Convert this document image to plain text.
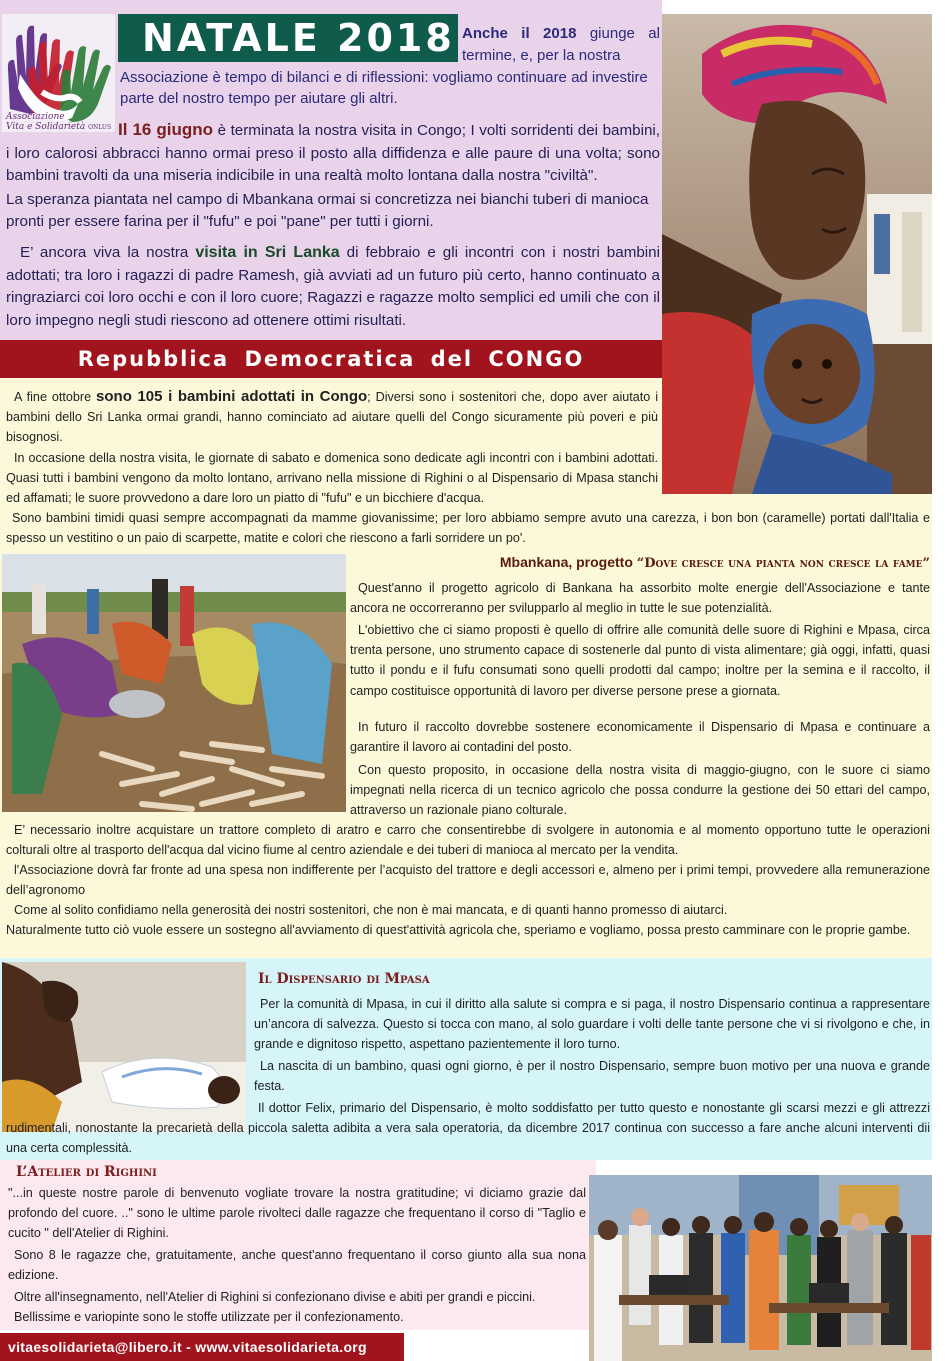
Associazione
Vita e Solidarietà ONLUS
NATALE 2018 Anche il 2018 giunge al termine, e, per la nostra
Associazione è tempo di bilanci e di riflessioni: vogliamo continuare ad investire parte del nostro tempo per aiutare gli altri.
Il 16 giugno è terminata la nostra visita in Congo; I volti sorridenti dei bambini, i loro calorosi abbracci hanno ormai preso il posto alla diffidenza e alle paure di una volta; sono bambini travolti da una miseria indicibile in una realtà molto lontana dalla nostra "civiltà".
La speranza piantata nel campo di Mbankana ormai si concretizza nei bianchi tuberi di manioca pronti per essere farina per il "fufu" e poi "pane" per tutti i giorni.
E’ ancora viva la nostra visita in Sri Lanka di febbraio e gli incontri con i nostri bambini adottati; tra loro i ragazzi di padre Ramesh, già avviati ad un futuro più certo, hanno continuato a ringraziarci coi loro occhi e con il loro cuore; Ragazzi e ragazze molto semplici ed umili che con il loro impegno negli studi riescono ad ottenere ottimi risultati.
Repubblica Democratica del CONGO
A fine ottobre sono 105 i bambini adottati in Congo; Diversi sono i sostenitori che, dopo aver aiutato i bambini dello Sri Lanka ormai grandi, hanno cominciato ad aiutare quelli del Congo sicuramente più poveri e più bisognosi.
In occasione della nostra visita, le giornate di sabato e domenica sono dedicate agli incontri con i bambini adottati. Quasi tutti i bambini vengono da molto lontano, arrivano nella missione di Righini o al Dispensario di Mpasa stanchi ed affamati; le suore provvedono a dare loro un piatto di "fufu" e un bicchiere d'acqua.
Sono bambini timidi quasi sempre accompagnati da mamme giovanissime; per loro abbiamo sempre avuto una carezza, i bon bon (caramelle) portati dall'Italia e spesso un vestitino o un paio di scarpette, matite e colori che riescono a farli sorridere un po'.
Mbankana, progetto “Dove cresce una pianta non cresce la fame”
Quest'anno il progetto agricolo di Bankana ha assorbito molte energie dell'Associazione e tante ancora ne occorreranno per svilupparlo al meglio in tutte le sue potenzialità.
L'obiettivo che ci siamo proposti è quello di offrire alle comunità delle suore di Righini e Mpasa, circa trenta persone, uno strumento capace di sostenerle dal punto di vista alimentare; già oggi, infatti, quasi tutto il pondu e il fufu consumati sono quelli prodotti dal campo; inoltre per la semina e il raccolto, il campo costituisce opportunità di lavoro per diverse persone prese a giornata.
In futuro il raccolto dovrebbe sostenere economicamente il Dispensario di Mpasa e continuare a garantire il lavoro ai contadini del posto.
Con questo proposito, in occasione della nostra visita di maggio-giugno, con le suore ci siamo impegnati nella ricerca di un tecnico agricolo che possa condurre la gestione dei 50 ettari del campo, attraverso un razionale piano colturale.
E’ necessario inoltre acquistare un trattore completo di aratro e carro che consentirebbe di svolgere in autonomia e al momento opportuno tutte le operazioni colturali oltre al trasporto dell'acqua dal vicino fiume al centro aziendale e dei tuberi di manioca al mercato per la vendita.
l'Associazione dovrà far fronte ad una spesa non indifferente per l’acquisto del trattore e degli accessori e, almeno per i primi tempi, provvedere alla remunerazione dell’agronomo
Come al solito confidiamo nella generosità dei nostri sostenitori, che non è mai mancata, e di quanti hanno promesso di aiutarci.
Naturalmente tutto ciò vuole essere un sostegno all'avviamento di quest'attività agricola che, speriamo e vogliamo, possa presto camminare con le proprie gambe.
Il Dispensario di Mpasa
Per la comunità di Mpasa, in cui il diritto alla salute si compra e si paga, il nostro Dispensario continua a rappresentare un’ancora di salvezza. Questo si tocca con mano, al solo guardare i volti delle tante persone che vi si rivolgono e che, in grande e dignitoso rispetto, aspettano pazientemente il loro turno.
La nascita di un bambino, quasi ogni giorno, è per il nostro Dispensario, sempre buon motivo per una nuova e grande festa.
Il dottor Felix, primario del Dispensario, è molto soddisfatto per tutto questo e nonostante gli scarsi mezzi e gli attrezzi rudimentali, nonostante la precarietà della piccola saletta adibita a vera sala operatoria, da dicembre 2017 continua con successo a fare anche alcuni interventi dii una certa complessità.
L’Atelier di Righini
"...in queste nostre parole di benvenuto vogliate trovare la nostra gratitudine; vi diciamo grazie dal profondo del cuore. .." sono le ultime parole rivolteci dalle ragazze che frequentano il corso di "Taglio e cucito " dell'Atelier di Righini.
Sono 8 le ragazze che, gratuitamente, anche quest'anno frequentano il corso giunto alla sua nona edizione.
Oltre all'insegnamento, nell'Atelier di Righini si confezionano divise e abiti per grandi e piccini.
Bellissime e variopinte sono le stoffe utilizzate per il confezionamento.
vitaesolidarieta@libero.it - www.vitaesolidarieta.org
